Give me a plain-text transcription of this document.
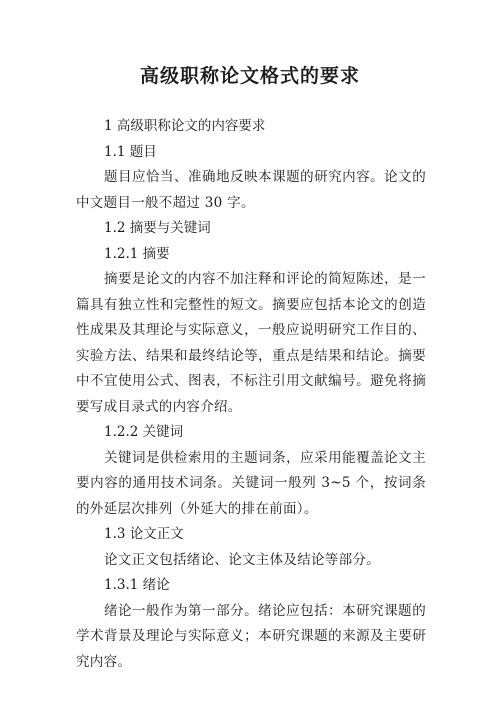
高级职称论文格式的要求
1 高级职称论文的内容要求
1.1 题目
题目应恰当、准确地反映本课题的研究内容。论文的中文题目一般不超过 30 字。
1.2 摘要与关键词
1.2.1 摘要
摘要是论文的内容不加注释和评论的简短陈述，是一篇具有独立性和完整性的短文。摘要应包括本论文的创造性成果及其理论与实际意义，一般应说明研究工作目的、实验方法、结果和最终结论等，重点是结果和结论。摘要中不宜使用公式、图表，不标注引用文献编号。避免将摘要写成目录式的内容介绍。
1.2.2 关键词
关键词是供检索用的主题词条，应采用能覆盖论文主要内容的通用技术词条。关键词一般列 3~5 个，按词条的外延层次排列（外延大的排在前面）。
1.3 论文正文
论文正文包括绪论、论文主体及结论等部分。
1.3.1 绪论
绪论一般作为第一部分。绪论应包括：本研究课题的学术背景及理论与实际意义；本研究课题的来源及主要研究内容。
